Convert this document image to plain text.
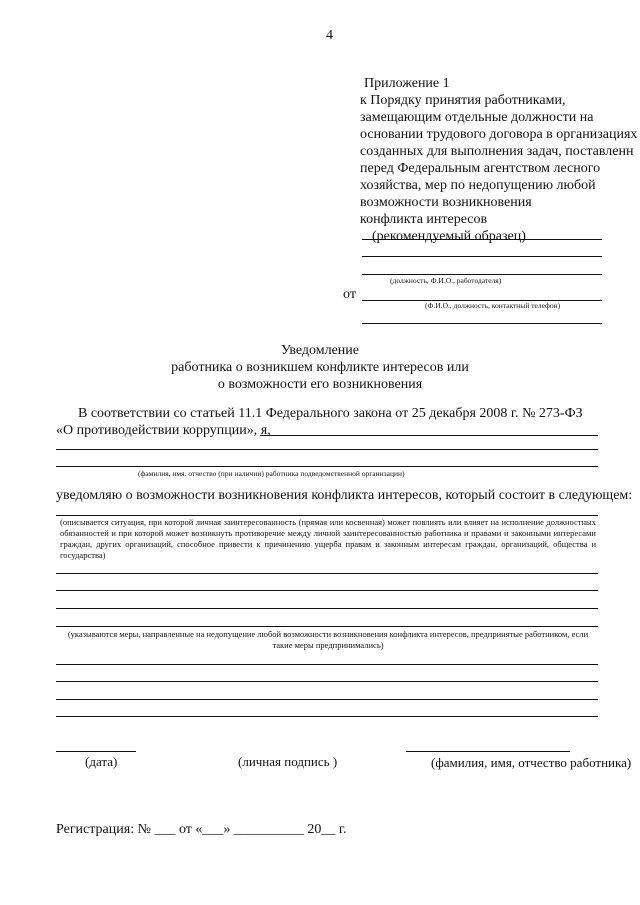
4
Приложение 1
к Порядку принятия работниками,
замещающим отдельные должности на
основании трудового договора в организациях
созданных для выполнения задач, поставленн
перед Федеральным агентством лесного
хозяйства, мер по недопущению любой
возможности возникновения
конфликта интересов
(рекомендуемый образец)
(должность, Ф.И.О., работодателя)
от
(Ф.И.О., должность, контактный телефон)
Уведомление
работника о возникшем конфликте интересов или
о возможности его возникновения
В соответствии со статьей 11.1 Федерального закона от 25 декабря 2008 г. № 273-ФЗ
«О противодействии коррупции», я,
(фамилия, имя, отчество (при наличии) работника подведомственной организации)
уведомляю о возможности возникновения конфликта интересов, который состоит в следующем:
(описывается ситуация, при которой личная заинтересованность (прямая или косвенная) может повлиять или влияет на исполнение должностных обязанностей и при которой может возникнуть противоречие между личной заинтересованностью работника и правами и законными интересами граждан, других организаций, способное привести к причинению ущерба правам и законным интересам граждан, организаций, общества и государства)
(указываются меры, направленные на недопущение любой возможности возникновения конфликта интересов, предпринятые работником, если такие меры предпринимались)
(дата)	(личная подпись )	(фамилия, имя, отчество работника)
Регистрация: № ___ от «___» __________ 20__ г.
